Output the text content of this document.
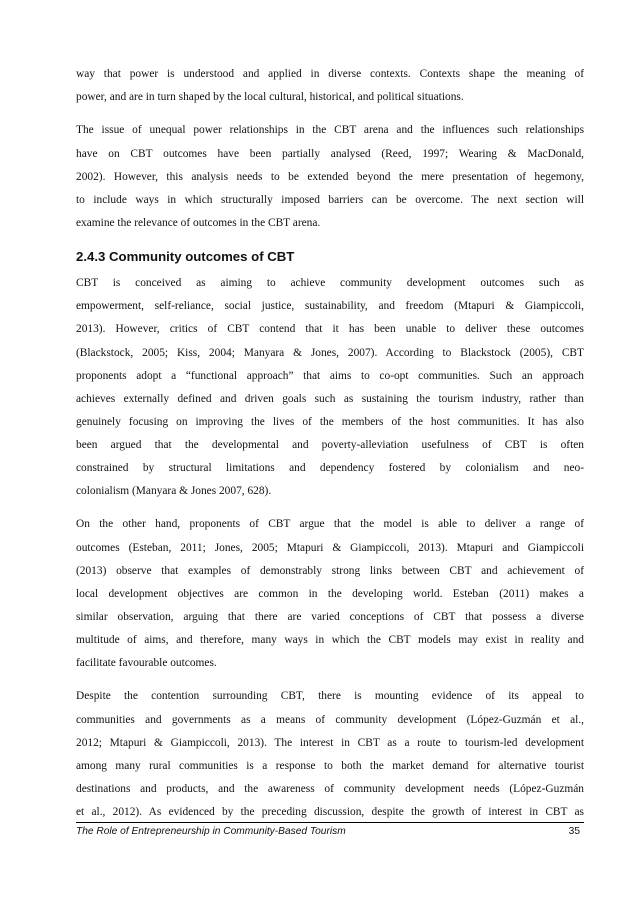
way that power is understood and applied in diverse contexts. Contexts shape the meaning of
power, and are in turn shaped by the local cultural, historical, and political situations.
The issue of unequal power relationships in the CBT arena and the influences such relationships
have on CBT outcomes have been partially analysed (Reed, 1997; Wearing & MacDonald,
2002). However, this analysis needs to be extended beyond the mere presentation of hegemony,
to include ways in which structurally imposed barriers can be overcome. The next section will
examine the relevance of outcomes in the CBT arena.
2.4.3 Community outcomes of CBT
CBT is conceived as aiming to achieve community development outcomes such as
empowerment, self-reliance, social justice, sustainability, and freedom (Mtapuri & Giampiccoli,
2013). However, critics of CBT contend that it has been unable to deliver these outcomes
(Blackstock, 2005; Kiss, 2004; Manyara & Jones, 2007). According to Blackstock (2005), CBT
proponents adopt a “functional approach” that aims to co-opt communities. Such an approach
achieves externally defined and driven goals such as sustaining the tourism industry, rather than
genuinely focusing on improving the lives of the members of the host communities. It has also
been argued that the developmental and poverty-alleviation usefulness of CBT is often
constrained by structural limitations and dependency fostered by colonialism and neo-
colonialism (Manyara & Jones 2007, 628).
On the other hand, proponents of CBT argue that the model is able to deliver a range of
outcomes (Esteban, 2011; Jones, 2005; Mtapuri & Giampiccoli, 2013). Mtapuri and Giampiccoli
(2013) observe that examples of demonstrably strong links between CBT and achievement of
local development objectives are common in the developing world. Esteban (2011) makes a
similar observation, arguing that there are varied conceptions of CBT that possess a diverse
multitude of aims, and therefore, many ways in which the CBT models may exist in reality and
facilitate favourable outcomes.
Despite the contention surrounding CBT, there is mounting evidence of its appeal to
communities and governments as a means of community development (López-Guzmán et al.,
2012; Mtapuri & Giampiccoli, 2013). The interest in CBT as a route to tourism-led development
among many rural communities is a response to both the market demand for alternative tourist
destinations and products, and the awareness of community development needs (López-Guzmán
et al., 2012). As evidenced by the preceding discussion, despite the growth of interest in CBT as
The Role of Entrepreneurship in Community-Based Tourism	35
